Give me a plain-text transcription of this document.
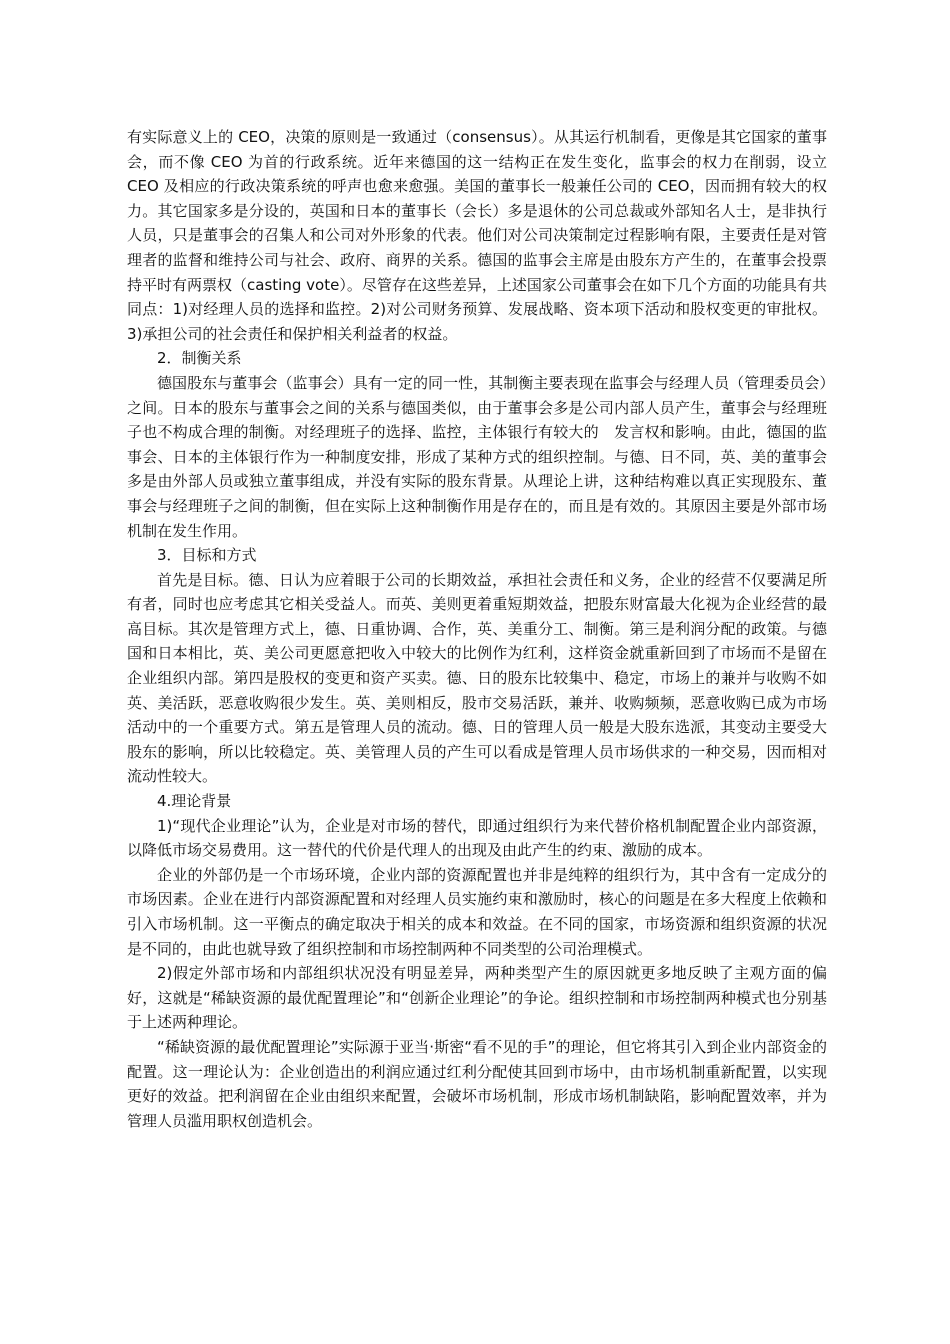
有实际意义上的 CEO，决策的原则是一致通过（consensus）。从其运行机制看，更像是其它国家的董事会，而不像 CEO 为首的行政系统。近年来德国的这一结构正在发生变化，监事会的权力在削弱，设立 CEO 及相应的行政决策系统的呼声也愈来愈强。美国的董事长一般兼任公司的 CEO，因而拥有较大的权力。其它国家多是分设的，英国和日本的董事长（会长）多是退休的公司总裁或外部知名人士，是非执行人员，只是董事会的召集人和公司对外形象的代表。他们对公司决策制定过程影响有限，主要责任是对管理者的监督和维持公司与社会、政府、商界的关系。德国的监事会主席是由股东方产生的，在董事会投票持平时有两票权（casting vote）。尽管存在这些差异，上述国家公司董事会在如下几个方面的功能具有共同点：1)对经理人员的选择和监控。2)对公司财务预算、发展战略、资本项下活动和股权变更的审批权。3)承担公司的社会责任和保护相关利益者的权益。

2．制衡关系

德国股东与董事会（监事会）具有一定的同一性，其制衡主要表现在监事会与经理人员（管理委员会）之间。日本的股东与董事会之间的关系与德国类似，由于董事会多是公司内部人员产生，董事会与经理班子也不构成合理的制衡。对经理班子的选择、监控，主体银行有较大的　发言权和影响。由此，德国的监事会、日本的主体银行作为一种制度安排，形成了某种方式的组织控制。与德、日不同，英、美的董事会多是由外部人员或独立董事组成，并没有实际的股东背景。从理论上讲，这种结构难以真正实现股东、董事会与经理班子之间的制衡，但在实际上这种制衡作用是存在的，而且是有效的。其原因主要是外部市场机制在发生作用。

3．目标和方式

首先是目标。德、日认为应着眼于公司的长期效益，承担社会责任和义务，企业的经营不仅要满足所有者，同时也应考虑其它相关受益人。而英、美则更着重短期效益，把股东财富最大化视为企业经营的最高目标。其次是管理方式上，德、日重协调、合作，英、美重分工、制衡。第三是利润分配的政策。与德国和日本相比，英、美公司更愿意把收入中较大的比例作为红利，这样资金就重新回到了市场而不是留在企业组织内部。第四是股权的变更和资产买卖。德、日的股东比较集中、稳定，市场上的兼并与收购不如英、美活跃，恶意收购很少发生。英、美则相反，股市交易活跃，兼并、收购频频，恶意收购已成为市场活动中的一个重要方式。第五是管理人员的流动。德、日的管理人员一般是大股东选派，其变动主要受大股东的影响，所以比较稳定。英、美管理人员的产生可以看成是管理人员市场供求的一种交易，因而相对流动性较大。

4.理论背景

1)“现代企业理论”认为，企业是对市场的替代，即通过组织行为来代替价格机制配置企业内部资源，以降低市场交易费用。这一替代的代价是代理人的出现及由此产生的约束、激励的成本。

企业的外部仍是一个市场环境，企业内部的资源配置也并非是纯粹的组织行为，其中含有一定成分的市场因素。企业在进行内部资源配置和对经理人员实施约束和激励时，核心的问题是在多大程度上依赖和引入市场机制。这一平衡点的确定取决于相关的成本和效益。在不同的国家，市场资源和组织资源的状况是不同的，由此也就导致了组织控制和市场控制两种不同类型的公司治理模式。

2)假定外部市场和内部组织状况没有明显差异，两种类型产生的原因就更多地反映了主观方面的偏好，这就是“稀缺资源的最优配置理论”和“创新企业理论”的争论。组织控制和市场控制两种模式也分别基于上述两种理论。

“稀缺资源的最优配置理论”实际源于亚当·斯密“看不见的手”的理论，但它将其引入到企业内部资金的配置。这一理论认为：企业创造出的利润应通过红利分配使其回到市场中，由市场机制重新配置，以实现更好的效益。把利润留在企业由组织来配置，会破坏市场机制，形成市场机制缺陷，影响配置效率，并为管理人员滥用职权创造机会。
